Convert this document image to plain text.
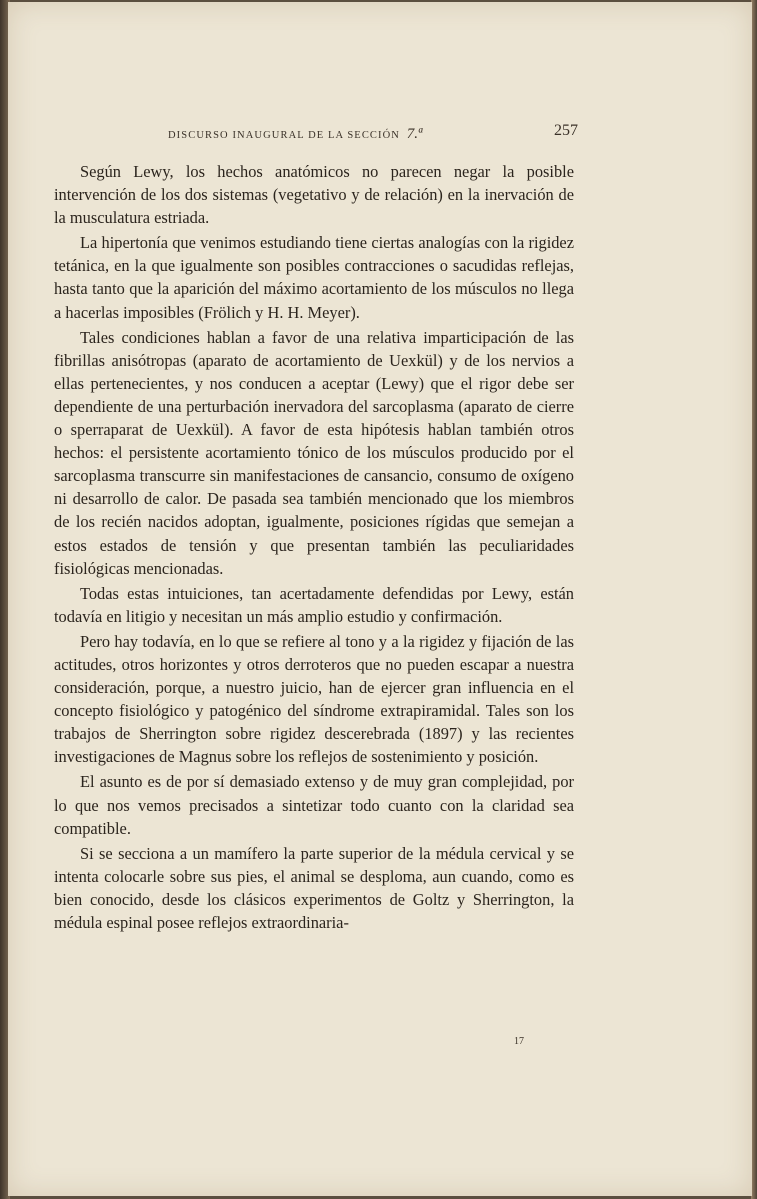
DISCURSO INAUGURAL DE LA SECCIÓN 7.ª	257

Según Lewy, los hechos anatómicos no parecen negar la posible intervención de los dos sistemas (vegetativo y de relación) en la inervación de la musculatura estriada.

La hipertonía que venimos estudiando tiene ciertas analogías con la rigidez tetánica, en la que igualmente son posibles contracciones o sacudidas reflejas, hasta tanto que la aparición del máximo acortamiento de los músculos no llega a hacerlas imposibles (Frölich y H. H. Meyer).

Tales condiciones hablan a favor de una relativa imparticipación de las fibrillas anisótropas (aparato de acortamiento de Uexkül) y de los nervios a ellas pertenecientes, y nos conducen a aceptar (Lewy) que el rigor debe ser dependiente de una perturbación inervadora del sarcoplasma (aparato de cierre o sperraparat de Uexkül). A favor de esta hipótesis hablan también otros hechos: el persistente acortamiento tónico de los músculos producido por el sarcoplasma transcurre sin manifestaciones de cansancio, consumo de oxígeno ni desarrollo de calor. De pasada sea también mencionado que los miembros de los recién nacidos adoptan, igualmente, posiciones rígidas que semejan a estos estados de tensión y que presentan también las peculiaridades fisiológicas mencionadas.

Todas estas intuiciones, tan acertadamente defendidas por Lewy, están todavía en litigio y necesitan un más amplio estudio y confirmación.

Pero hay todavía, en lo que se refiere al tono y a la rigidez y fijación de las actitudes, otros horizontes y otros derroteros que no pueden escapar a nuestra consideración, porque, a nuestro juicio, han de ejercer gran influencia en el concepto fisiológico y patogénico del síndrome extrapiramidal. Tales son los trabajos de Sherrington sobre rigidez descerebrada (1897) y las recientes investigaciones de Magnus sobre los reflejos de sostenimiento y posición.

El asunto es de por sí demasiado extenso y de muy gran complejidad, por lo que nos vemos precisados a sintetizar todo cuanto con la claridad sea compatible.

Si se secciona a un mamífero la parte superior de la médula cervical y se intenta colocarle sobre sus pies, el animal se desploma, aun cuando, como es bien conocido, desde los clásicos experimentos de Goltz y Sherrington, la médula espinal posee reflejos extraordinaria-

17
